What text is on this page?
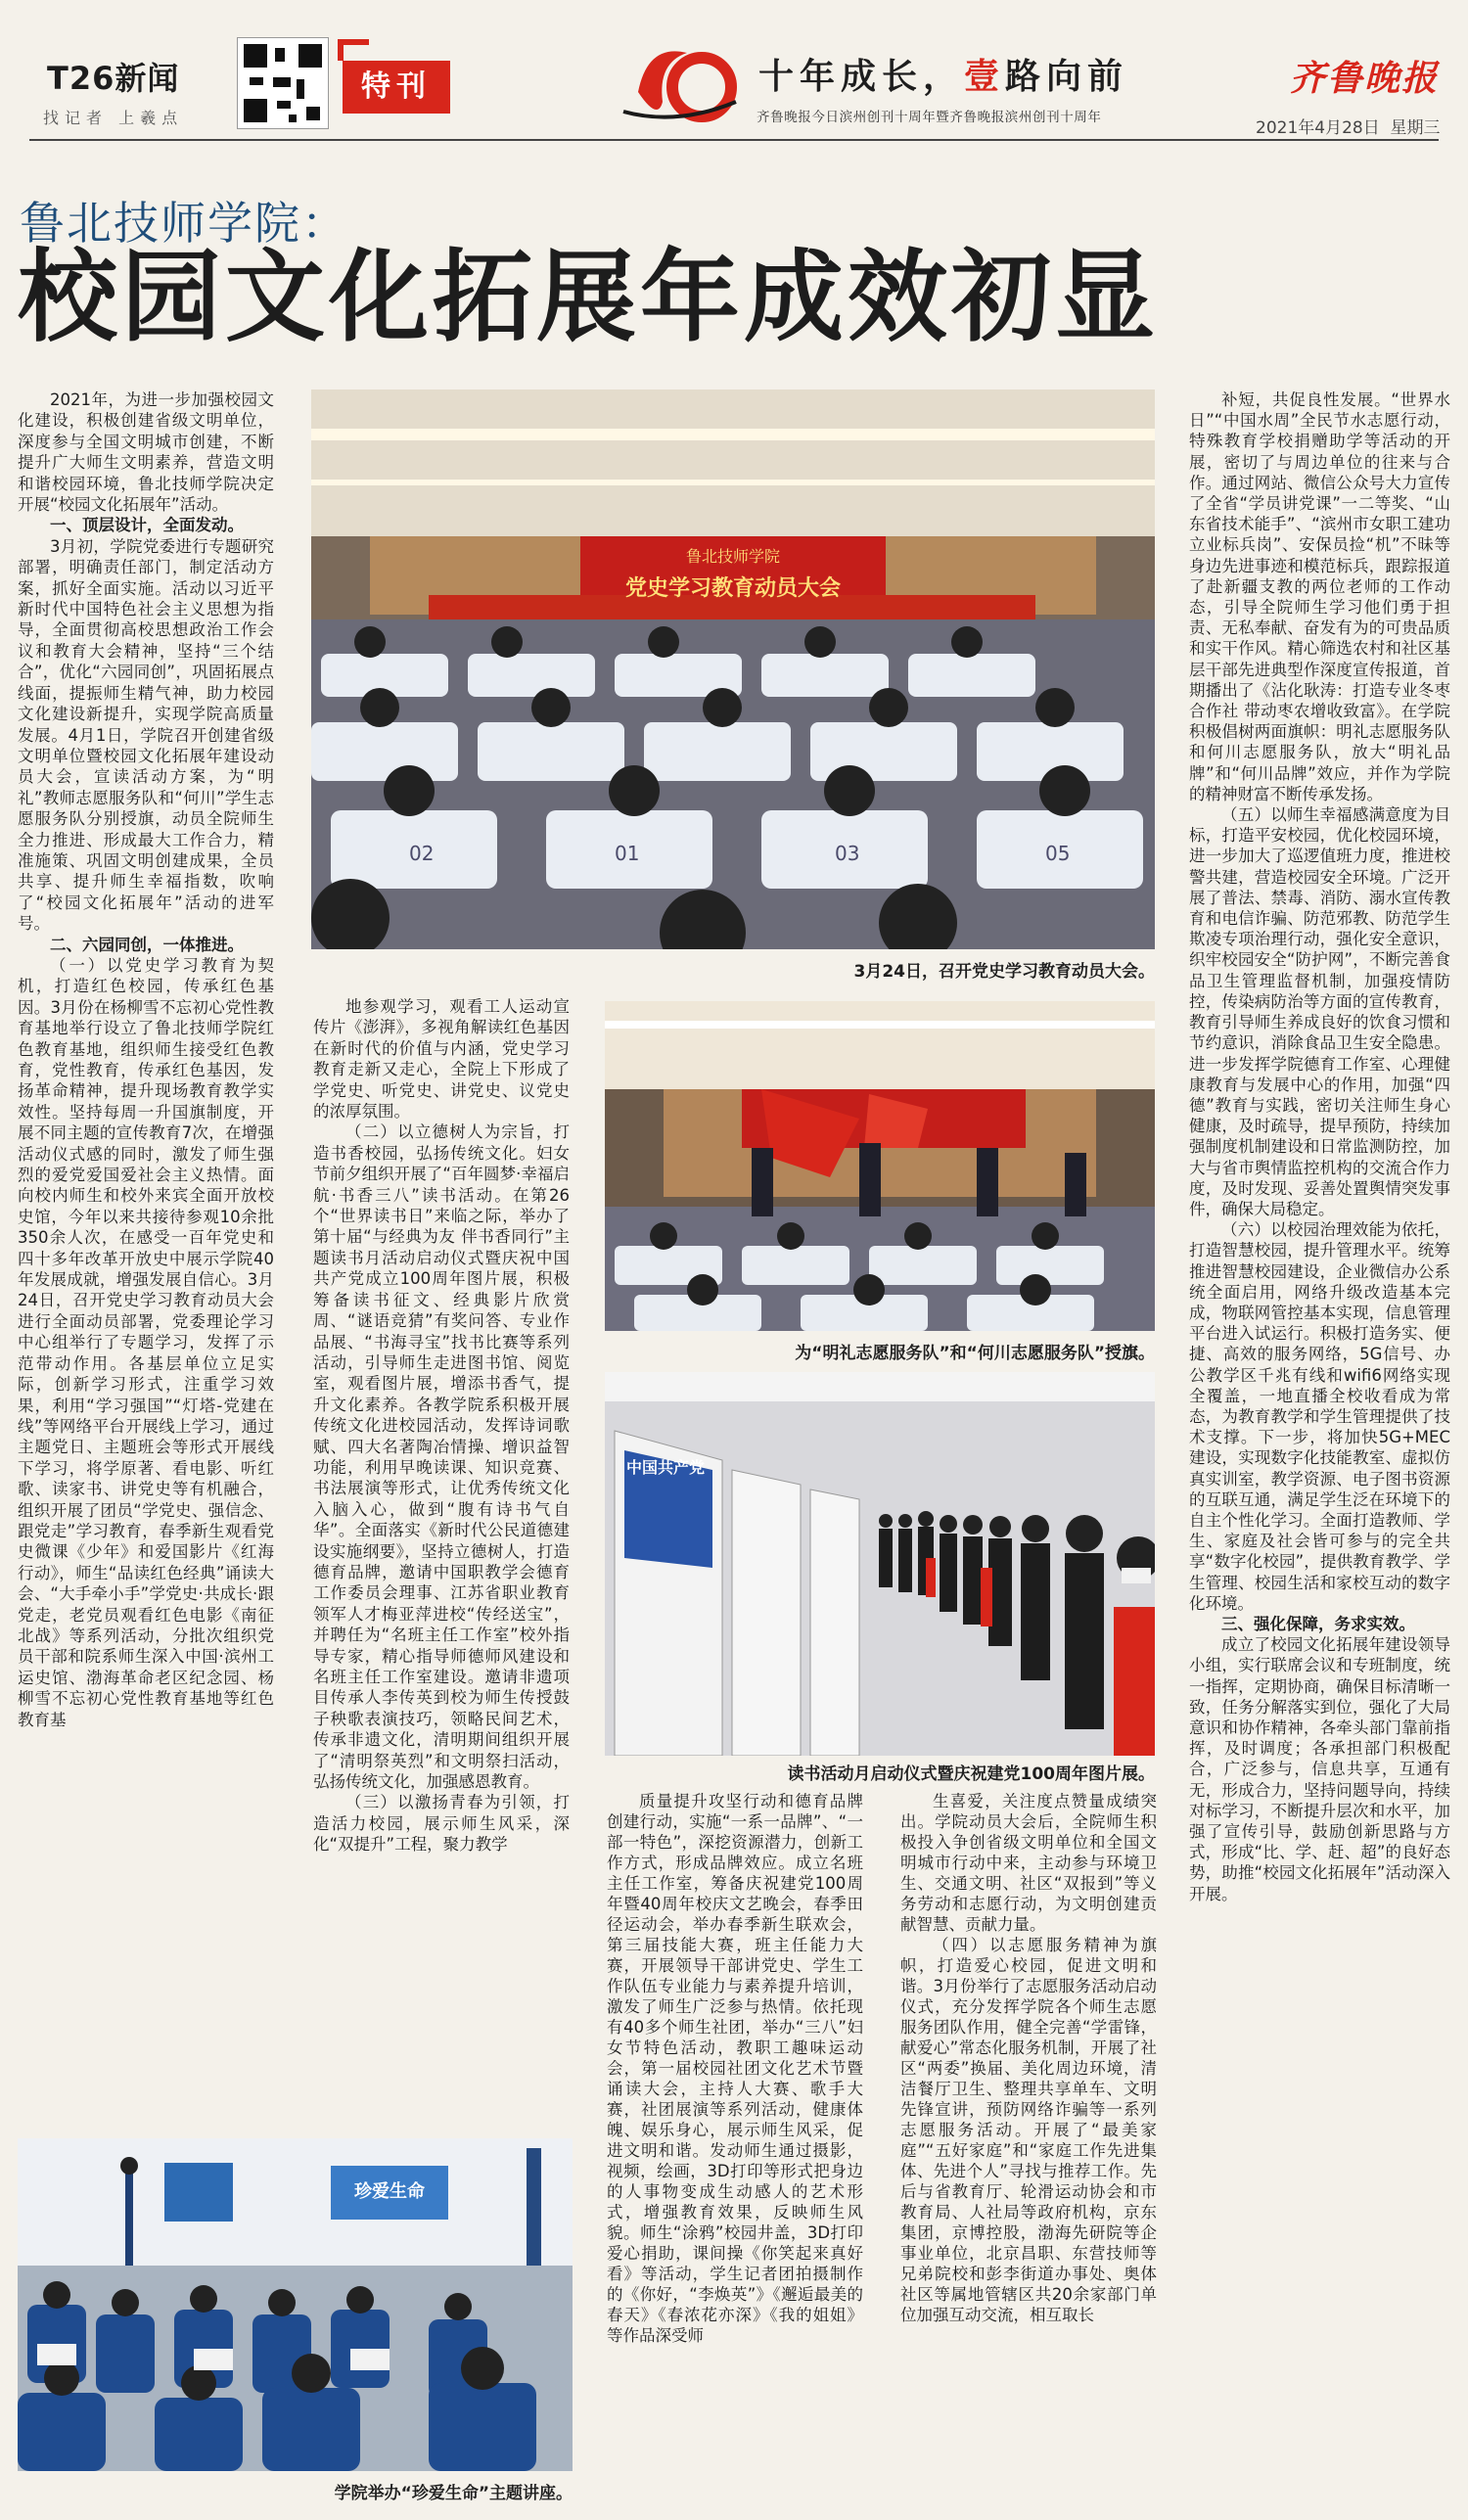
T26新闻
找记者 上羲点
特刊	十年成长，壹路向前
齐鲁晚报今日滨州创刊十周年暨齐鲁晚报滨州创刊十周年
齐鲁晚报
2021年4月28日 星期三
鲁北技师学院：
校园文化拓展年成效初显

2021年，为进一步加强校园文化建设，积极创建省级文明单位，深度参与全国文明城市创建，不断提升广大师生文明素养，营造文明和谐校园环境，鲁北技师学院决定开展“校园文化拓展年”活动。

一、顶层设计，全面发动。

3月初，学院党委进行专题研究部署，明确责任部门，制定活动方案，抓好全面实施。活动以习近平新时代中国特色社会主义思想为指导，全面贯彻高校思想政治工作会议和教育大会精神，坚持“三个结合”，优化“六园同创”，巩固拓展点线面，提振师生精气神，助力校园文化建设新提升，实现学院高质量发展。4月1日，学院召开创建省级文明单位暨校园文化拓展年建设动员大会，宣读活动方案，为“明礼”教师志愿服务队和“何川”学生志愿服务队分别授旗，动员全院师生全力推进、形成最大工作合力，精准施策、巩固文明创建成果，全员共享、提升师生幸福指数，吹响了“校园文化拓展年”活动的进军号。

二、六园同创，一体推进。

（一）以党史学习教育为契机，打造红色校园，传承红色基因。3月份在杨柳雪不忘初心党性教育基地举行设立了鲁北技师学院红色教育基地，组织师生接受红色教育，党性教育，传承红色基因，发扬革命精神，提升现场教育教学实效性。坚持每周一升国旗制度，开展不同主题的宣传教育7次，在增强活动仪式感的同时，激发了师生强烈的爱党爱国爱社会主义热情。面向校内师生和校外来宾全面开放校史馆，今年以来共接待参观10余批350余人次，在感受一百年党史和四十多年改革开放史中展示学院40年发展成就，增强发展自信心。3月24日，召开党史学习教育动员大会进行全面动员部署，党委理论学习中心组举行了专题学习，发挥了示范带动作用。各基层单位立足实际，创新学习形式，注重学习效果，利用“学习强国”“灯塔-党建在线”等网络平台开展线上学习，通过主题党日、主题班会等形式开展线下学习，将学原著、看电影、听红歌、读家书、讲党史等有机融合，组织开展了团员“学党史、强信念、跟党走”学习教育，春季新生观看党史微课《少年》和爱国影片《红海行动》，师生“品读红色经典”诵读大会、“大手牵小手”学党史·共成长·跟党走，老党员观看红色电影《南征北战》等系列活动，分批次组织党员干部和院系师生深入中国·滨州工运史馆、渤海革命老区纪念园、杨柳雪不忘初心党性教育基地等红色教育基

地参观学习，观看工人运动宣传片《澎湃》，多视角解读红色基因在新时代的价值与内涵，党史学习教育走新又走心，全院上下形成了学党史、听党史、讲党史、议党史的浓厚氛围。

（二）以立德树人为宗旨，打造书香校园，弘扬传统文化。妇女节前夕组织开展了“百年圆梦·幸福启航·书香三八”读书活动。在第26个“世界读书日”来临之际，举办了第十届“与经典为友 伴书香同行”主题读书月活动启动仪式暨庆祝中国共产党成立100周年图片展，积极筹备读书征文、经典影片欣赏周、“谜语竞猜”有奖问答、专业作品展、“书海寻宝”找书比赛等系列活动，引导师生走进图书馆、阅览室，观看图片展，增添书香气，提升文化素养。各教学院系积极开展传统文化进校园活动，发挥诗词歌赋、四大名著陶冶情操、增识益智功能，利用早晚读课、知识竞赛、书法展演等形式，让优秀传统文化入脑入心，做到“腹有诗书气自华”。全面落实《新时代公民道德建设实施纲要》，坚持立德树人，打造德育品牌，邀请中国职教学会德育工作委员会理事、江苏省职业教育领军人才梅亚萍进校“传经送宝”，并聘任为“名班主任工作室”校外指导专家，精心指导师德师风建设和名班主任工作室建设。邀请非遗项目传承人李传英到校为师生传授鼓子秧歌表演技巧，领略民间艺术，传承非遗文化，清明期间组织开展了“清明祭英烈”和文明祭扫活动，弘扬传统文化，加强感恩教育。

（三）以激扬青春为引领，打造活力校园，展示师生风采，深化“双提升”工程，聚力教学

质量提升攻坚行动和德育品牌创建行动，实施“一系一品牌”、“一部一特色”，深挖资源潜力，创新工作方式，形成品牌效应。成立名班主任工作室，筹备庆祝建党100周年暨40周年校庆文艺晚会，春季田径运动会，举办春季新生联欢会，第三届技能大赛，班主任能力大赛，开展领导干部讲党史、学生工作队伍专业能力与素养提升培训，激发了师生广泛参与热情。依托现有40多个师生社团，举办“三八”妇女节特色活动，教职工趣味运动会，第一届校园社团文化艺术节暨诵读大会，主持人大赛、歌手大赛，社团展演等系列活动，健康体魄、娱乐身心，展示师生风采，促进文明和谐。发动师生通过摄影，视频，绘画，3D打印等形式把身边的人事物变成生动感人的艺术形式，增强教育效果，反映师生风貌。师生“涂鸦”校园井盖，3D打印爱心捐助，课间操《你笑起来真好看》等活动，学生记者团拍摄制作的《你好，“李焕英”》《邂逅最美的春天》《春浓花亦深》《我的姐姐》等作品深受师

生喜爱，关注度点赞量成绩突出。学院动员大会后，全院师生积极投入争创省级文明单位和全国文明城市行动中来，主动参与环境卫生、交通文明、社区“双报到”等义务劳动和志愿行动，为文明创建贡献智慧、贡献力量。

（四）以志愿服务精神为旗帜，打造爱心校园，促进文明和谐。3月份举行了志愿服务活动启动仪式，充分发挥学院各个师生志愿服务团队作用，健全完善“学雷锋，献爱心”常态化服务机制，开展了社区“两委”换届、美化周边环境，清洁餐厅卫生、整理共享单车、文明先锋宣讲，预防网络诈骗等一系列志愿服务活动。开展了“最美家庭”“五好家庭”和“家庭工作先进集体、先进个人”寻找与推荐工作。先后与省教育厅、轮滑运动协会和市教育局、人社局等政府机构，京东集团，京博控股，渤海先研院等企事业单位，北京昌职、东营技师等兄弟院校和彭李街道办事处、奥体社区等属地管辖区共20余家部门单位加强互动交流，相互取长

补短，共促良性发展。“世界水日”“中国水周”全民节水志愿行动，特殊教育学校捐赠助学等活动的开展，密切了与周边单位的往来与合作。通过网站、微信公众号大力宣传了全省“学员讲党课”一二等奖、“山东省技术能手”、“滨州市女职工建功立业标兵岗”、安保员捡“机”不昧等身边先进事迹和模范标兵，跟踪报道了赴新疆支教的两位老师的工作动态，引导全院师生学习他们勇于担责、无私奉献、奋发有为的可贵品质和实干作风。精心筛选农村和社区基层干部先进典型作深度宣传报道，首期播出了《沾化耿涛：打造专业冬枣合作社 带动枣农增收致富》。在学院积极倡树两面旗帜：明礼志愿服务队和何川志愿服务队，放大“明礼品牌”和“何川品牌”效应，并作为学院的精神财富不断传承发扬。

（五）以师生幸福感满意度为目标，打造平安校园，优化校园环境，进一步加大了巡逻值班力度，推进校警共建，营造校园安全环境。广泛开展了普法、禁毒、消防、溺水宣传教育和电信诈骗、防范邪教、防范学生欺凌专项治理行动，强化安全意识，织牢校园安全“防护网”，不断完善食品卫生管理监督机制，加强疫情防控，传染病防治等方面的宣传教育，教育引导师生养成良好的饮食习惯和节约意识，消除食品卫生安全隐患。进一步发挥学院德育工作室、心理健康教育与发展中心的作用，加强“四德”教育与实践，密切关注师生身心健康，及时疏导，提早预防，持续加强制度机制建设和日常监测防控，加大与省市舆情监控机构的交流合作力度，及时发现、妥善处置舆情突发事件，确保大局稳定。

（六）以校园治理效能为依托，打造智慧校园，提升管理水平。统筹推进智慧校园建设，企业微信办公系统全面启用，网络升级改造基本完成，物联网管控基本实现，信息管理平台进入试运行。积极打造务实、便捷、高效的服务网络，5G信号、办公教学区千兆有线和wifi6网络实现全覆盖，一地直播全校收看成为常态，为教育教学和学生管理提供了技术支撑。下一步，将加快5G+MEC建设，实现数字化技能教室、虚拟仿真实训室，教学资源、电子图书资源的互联互通，满足学生泛在环境下的自主个性化学习。全面打造教师、学生、家庭及社会皆可参与的完全共享“数字化校园”，提供教育教学、学生管理、校园生活和家校互动的数字化环境。

三、强化保障，务求实效。

成立了校园文化拓展年建设领导小组，实行联席会议和专班制度，统一指挥，定期协商，确保目标清晰一致，任务分解落实到位，强化了大局意识和协作精神，各牵头部门靠前指挥，及时调度；各承担部门积极配合，广泛参与，信息共享，互通有无，形成合力，坚持问题导向，持续对标学习，不断提升层次和水平，加强了宣传引导，鼓励创新思路与方式，形成“比、学、赶、超”的良好态势，助推“校园文化拓展年”活动深入开展。

鲁北技师学院
党史学习教育动员大会
02	01	03	05
3月24日，召开党史学习教育动员大会。
为“明礼志愿服务队”和“何川志愿服务队”授旗。
珍爱生命
学院举办“珍爱生命”主题讲座。
中国共产党
读书活动月启动仪式暨庆祝建党100周年图片展。
